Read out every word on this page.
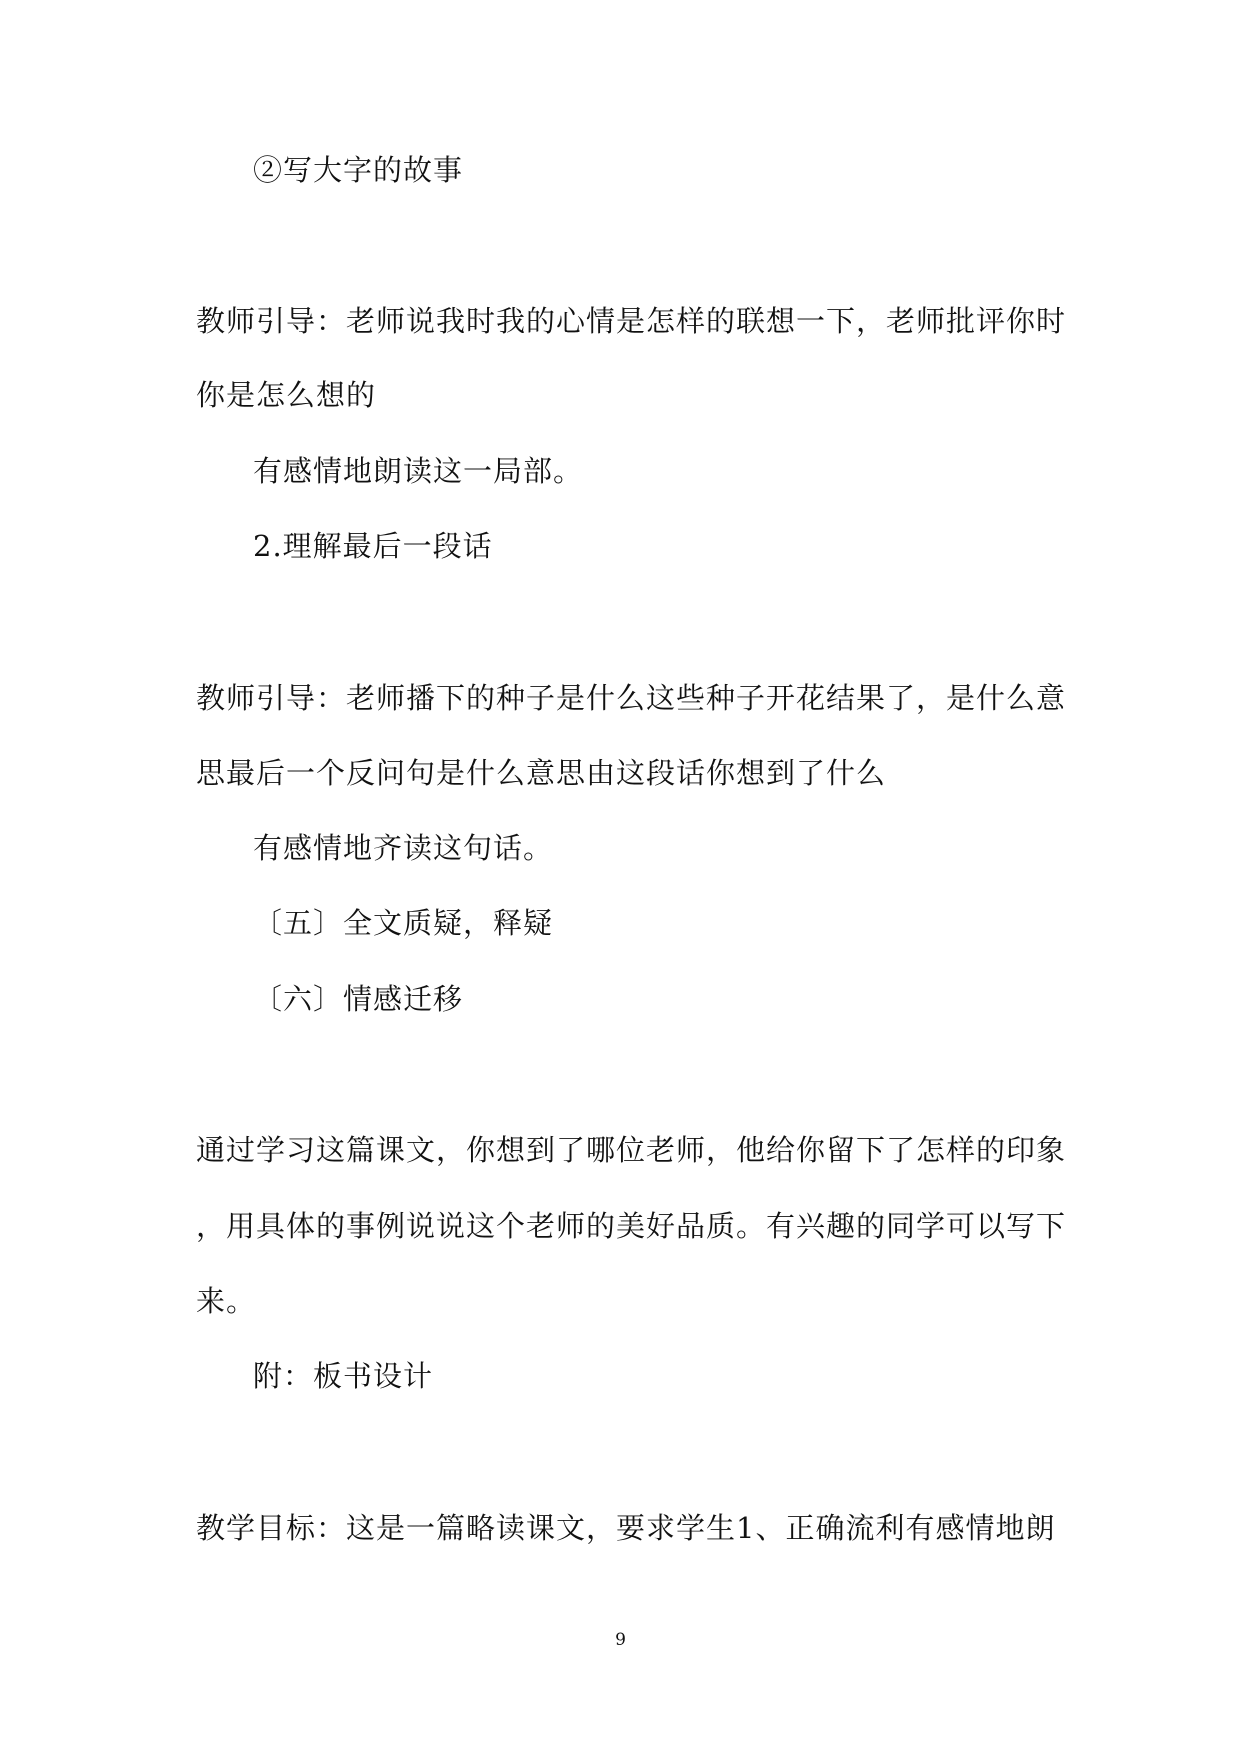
②写大字的故事
教师引导：老师说我时我的心情是怎样的联想一下，老师批评你时
你是怎么想的
有感情地朗读这一局部。
2.理解最后一段话
教师引导：老师播下的种子是什么这些种子开花结果了，是什么意
思最后一个反问句是什么意思由这段话你想到了什么
有感情地齐读这句话。
〔五〕全文质疑，释疑
〔六〕情感迁移
通过学习这篇课文，你想到了哪位老师，他给你留下了怎样的印象
，用具体的事例说说这个老师的美好品质。有兴趣的同学可以写下
来。
附：板书设计
教学目标：这是一篇略读课文，要求学生1、正确流利有感情地朗
9
